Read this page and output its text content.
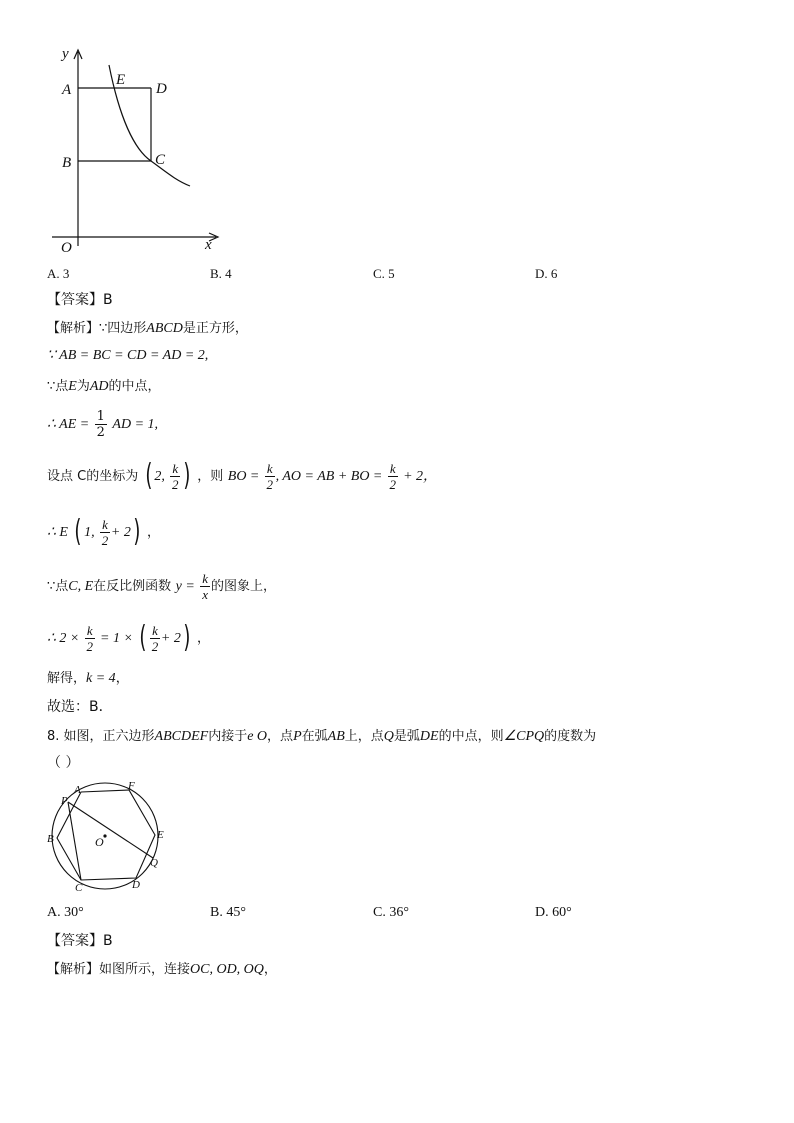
y
x
O
A
B	C
D
E
A. 3	B. 4	C. 5	D. 6
【答案】B
【解析】∵四边形ABCD是正方形，
∵ AB = BC = CD = AD = 2,
∵点E为AD的中点，
∴ AE = $\frac{1}{2}$ AD = 1,
设点 C的坐标为 ( 2, $\frac{k}{2}$ ) ，则 BO = $\frac{k}{2}$ , AO = AB + BO = $\frac{k}{2} + 2$，
∴ E ( 1, $\frac{k}{2} + 2$) ，
∵点C, E在反比例函数 $y = \frac{k}{x}$ 的图象上，
∴ $2 \times \frac{k}{2} = 1$ × ( $\frac{k}{2} + 2$) ，
解得，k = 4，
故选：B．
8. 如图，正六边形ABCDEF内接于e O，点P在弧AB上，点Q是弧DE的中点，则∠CPQ的度数为
（ ）
P
A	F
B	O	E
Q
C	D
A. 30°	B. 45°	C. 36°	D. 60°
【答案】B
【解析】如图所示，连接OC, OD, OQ，
